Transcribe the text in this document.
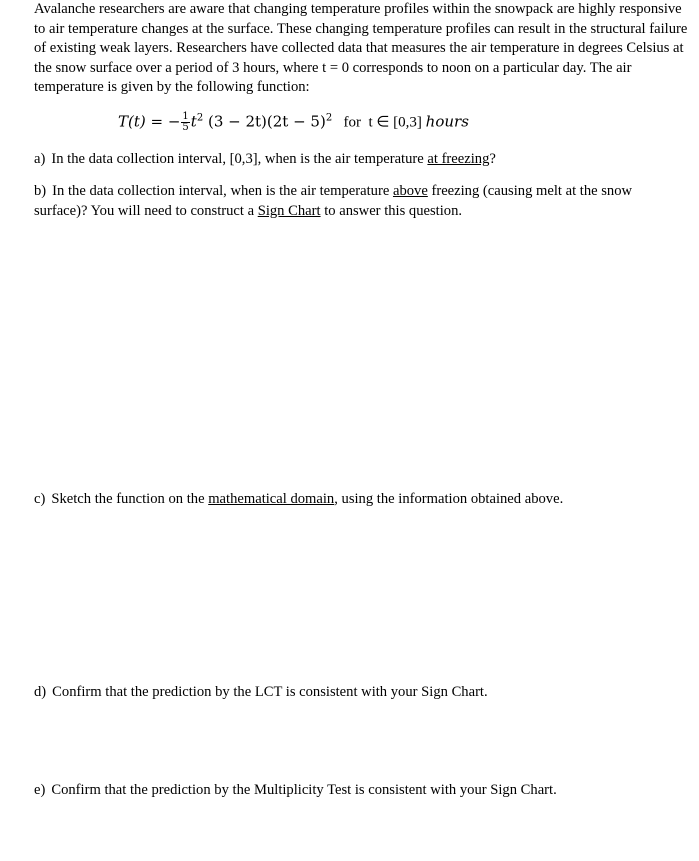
Avalanche researchers are aware that changing temperature profiles within the snowpack are highly responsive to air temperature changes at the surface. These changing temperature profiles can result in the structural failure of existing weak layers. Researchers have collected data that measures the air temperature in degrees Celsius at the snow surface over a period of 3 hours, where t = 0 corresponds to noon on a particular day. The air temperature is given by the following function:

T(t) = − $\frac{1}{5} t^2$ $(3 - 2t)(2t - 5)^2$   for  t ∈ [0,3] hours

a) In the data collection interval, [0,3], when is the air temperature at freezing?

b) In the data collection interval, when is the air temperature above freezing (causing melt at the snow surface)? You will need to construct a Sign Chart to answer this question.

c) Sketch the function on the mathematical domain, using the information obtained above.

d) Confirm that the prediction by the LCT is consistent with your Sign Chart.

e) Confirm that the prediction by the Multiplicity Test is consistent with your Sign Chart.
